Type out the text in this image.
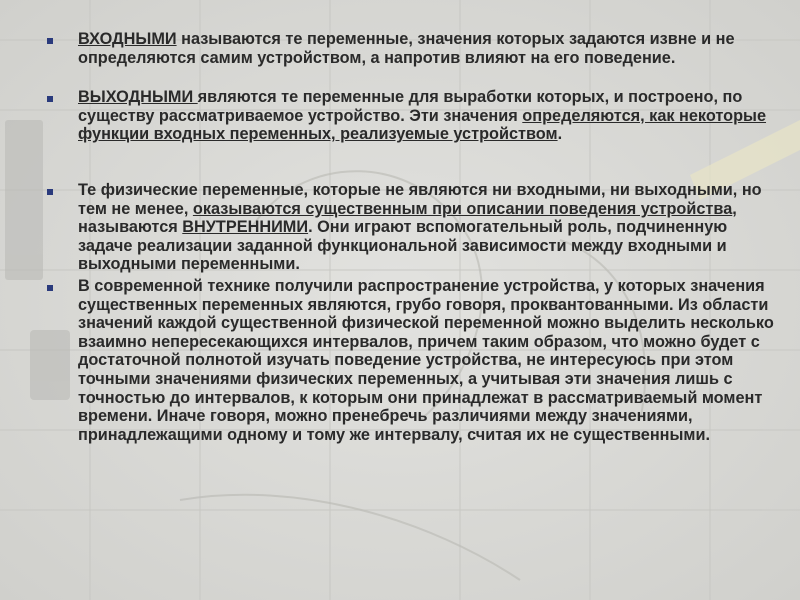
ВХОДНЫМИ называются те переменные, значения которых задаются извне и не определяются самим устройством, а напротив влияют на его поведение.
ВЫХОДНЫМИ являются те переменные для выработки которых, и построено, по существу рассматриваемое устройство. Эти значения определяются, как некоторые функции входных переменных, реализуемые устройством.
Те физические переменные, которые не являются ни входными, ни выходными, но тем не менее, оказываются существенным при описании поведения устройства, называются ВНУТРЕННИМИ. Они играют вспомогательный роль, подчиненную задаче реализации заданной функциональной зависимости между входными и выходными переменными.
В современной технике получили распространение устройства, у которых значения существенных переменных являются, грубо говоря, проквантованными. Из области значений каждой существенной физической переменной можно выделить несколько взаимно непересекающихся интервалов, причем таким образом, что можно будет с достаточной полнотой изучать поведение устройства, не интересуюсь при этом точными значениями физических переменных, а учитывая эти значения лишь с точностью до интервалов, к которым они принадлежат в рассматриваемый момент времени. Иначе говоря, можно пренебречь различиями между значениями, принадлежащими одному и тому же интервалу, считая их не существенными.
